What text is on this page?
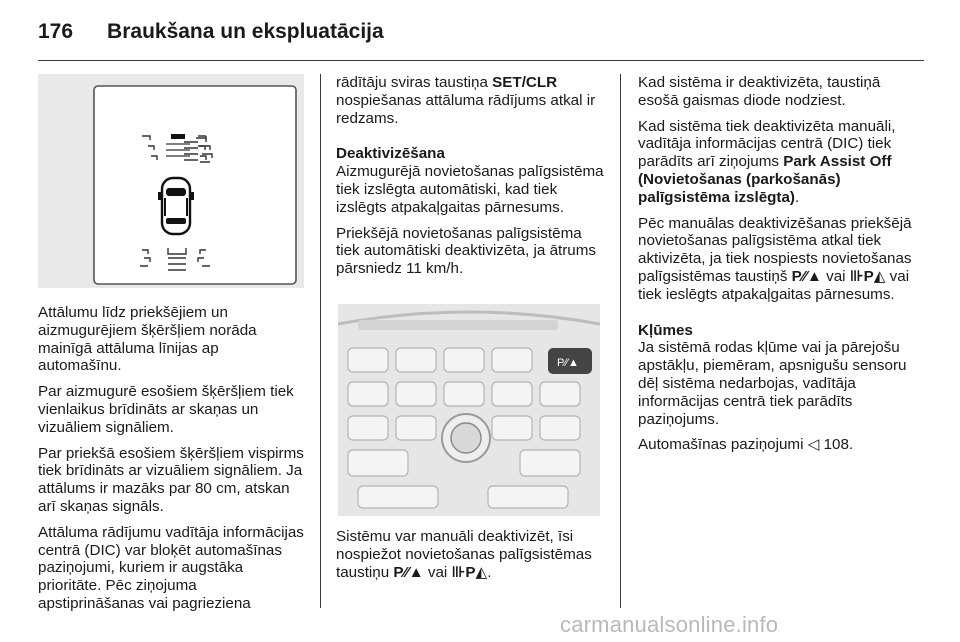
176 Braukšana un ekspluatācija

Attālumu līdz priekšējiem un aizmugurējiem šķēršļiem norāda mainīgā attāluma līnijas ap automašīnu.

Par aizmugurē esošiem šķēršļiem tiek vienlaikus brīdināts ar skaņas un vizuāliem signāliem.

Par priekšā esošiem šķēršļiem vispirms tiek brīdināts ar vizuāliem signāliem. Ja attālums ir mazāks par 80 cm, atskan arī skaņas signāls.

Attāluma rādījumu vadītāja informācijas centrā (DIC) var bloķēt automašīnas paziņojumi, kuriem ir augstāka prioritāte. Pēc ziņojuma apstiprināšanas vai pagrieziena

rādītāju sviras taustiņa SET/CLR nospiešanas attāluma rādījums atkal ir redzams.

Deaktivizēšana

Aizmugurējā novietošanas palīgsistēma tiek izslēgta automātiski, kad tiek izslēgts atpakaļgaitas pārnesums.

Priekšējā novietošanas palīgsistēma tiek automātiski deaktivizēta, ja ātrums pārsniedz 11 km/h.

P⁄⁄▲

Sistēmu var manuāli deaktivizēt, īsi nospiežot novietošanas palīgsistēmas taustiņu P⁄⁄▲ vai ⊪P◭.

Kad sistēma ir deaktivizēta, taustiņā esošā gaismas diode nodziest.

Kad sistēma tiek deaktivizēta manuāli, vadītāja informācijas centrā (DIC) tiek parādīts arī ziņojums Park Assist Off (Novietošanas (parkošanās) palīgsistēma izslēgta).

Pēc manuālas deaktivizēšanas priekšējā novietošanas palīgsistēma atkal tiek aktivizēta, ja tiek nospiests novietošanas palīgsistēmas taustiņš P⁄⁄▲ vai ⊪P◭ vai tiek ieslēgts atpakaļgaitas pārnesums.

Kļūmes

Ja sistēmā rodas kļūme vai ja pārejošu apstākļu, piemēram, apsnigušu sensoru dēļ sistēma nedarbojas, vadītāja informācijas centrā tiek parādīts paziņojums.

Automašīnas paziņojumi ◁ 108.

carmanualsonline.info
